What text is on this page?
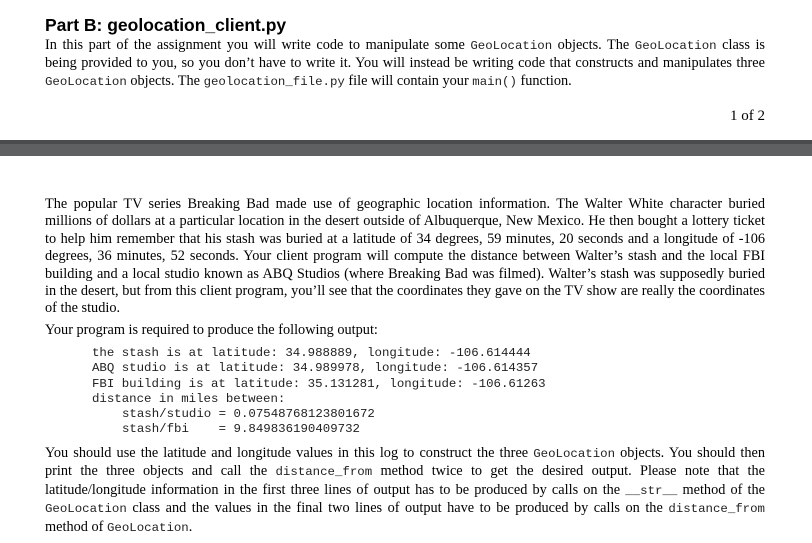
Part B: geolocation_client.py

In this part of the assignment you will write code to manipulate some GeoLocation objects. The GeoLocation class is being provided to you, so you don’t have to write it. You will instead be writing code that constructs and manipulates three GeoLocation objects. The geolocation_file.py file will contain your main() function.

1 of 2

The popular TV series Breaking Bad made use of geographic location information. The Walter White character buried millions of dollars at a particular location in the desert outside of Albuquerque, New Mexico. He then bought a lottery ticket to help him remember that his stash was buried at a latitude of 34 degrees, 59 minutes, 20 seconds and a longitude of -106 degrees, 36 minutes, 52 seconds. Your client program will compute the distance between Walter’s stash and the local FBI building and a local studio known as ABQ Studios (where Breaking Bad was filmed). Walter’s stash was supposedly buried in the desert, but from this client program, you’ll see that the coordinates they gave on the TV show are really the coordinates of the studio.

Your program is required to produce the following output:

the stash is at latitude: 34.988889, longitude: -106.614444
ABQ studio is at latitude: 34.989978, longitude: -106.614357
FBI building is at latitude: 35.131281, longitude: -106.61263
distance in miles between:
stash/studio = 0.07548768123801672
stash/fbi    = 9.849836190409732

You should use the latitude and longitude values in this log to construct the three GeoLocation objects. You should then print the three objects and call the distance_from method twice to get the desired output. Please note that the latitude/longitude information in the first three lines of output has to be produced by calls on the __str__ method of the GeoLocation class and the values in the final two lines of output have to be produced by calls on the distance_from method of GeoLocation.
